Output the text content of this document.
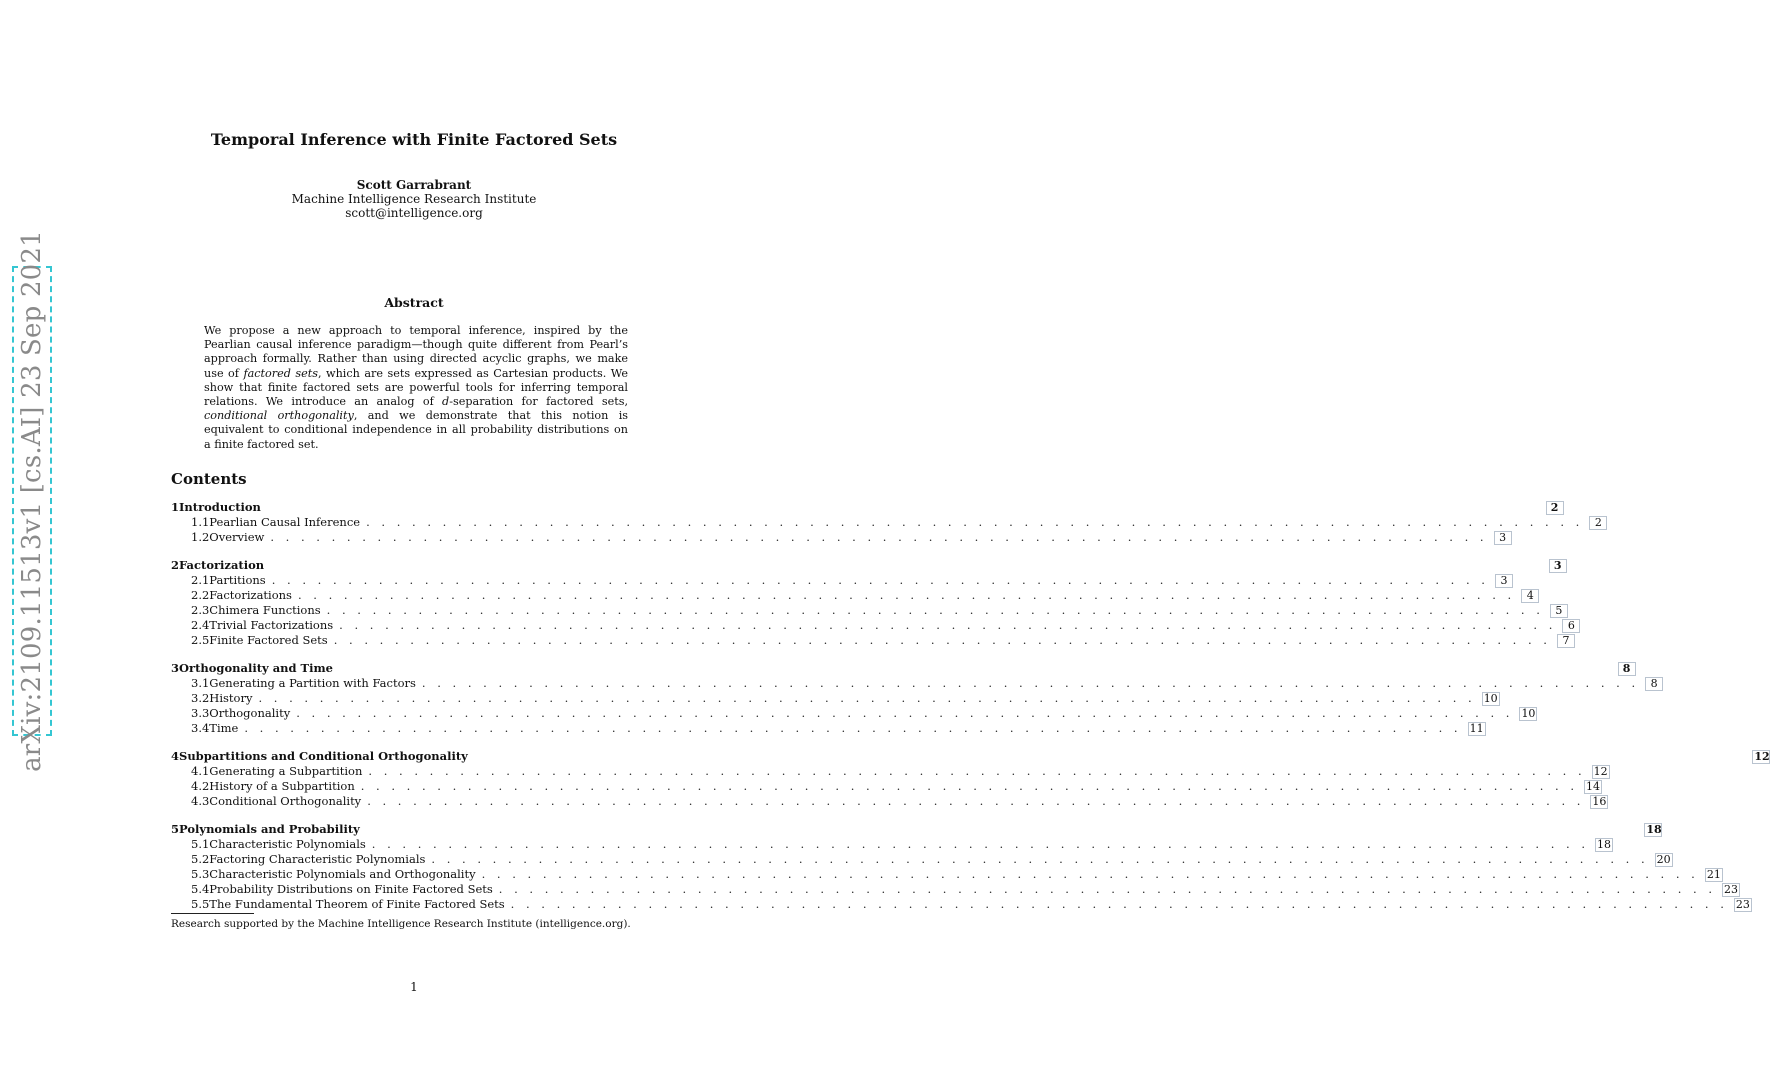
arXiv:2109.11513v1 [cs.AI] 23 Sep 2021
Temporal Inference with Finite Factored Sets
Scott Garrabrant
Machine Intelligence Research Institute
scott@intelligence.org
Abstract
We propose a new approach to temporal inference, inspired by the Pearlian causal inference paradigm—though quite different from Pearl’s approach formally. Rather than using directed acyclic graphs, we make use of factored sets, which are sets expressed as Cartesian products. We show that finite factored sets are powerful tools for inferring temporal relations. We introduce an analog of d-separation for factored sets, conditional orthogonality, and we demonstrate that this notion is equivalent to conditional independence in all probability distributions on a finite factored set.
Contents
1 Introduction	2
1.1 Pearlian Causal Inference . . . . . . . . . . . . . . . . . . . . . . . . . . . . . . . . . . . . . . . . . . . . . . . . . . . . . . . . . . . . . . . . . . . . . . . . . . . . . . . .	2
1.2 Overview . . . . . . . . . . . . . . . . . . . . . . . . . . . . . . . . . . . . . . . . . . . . . . . . . . . . . . . . . . . . . . . . . . . . . . . . . . . . . . . .	3
2 Factorization	3
2.1 Partitions . . . . . . . . . . . . . . . . . . . . . . . . . . . . . . . . . . . . . . . . . . . . . . . . . . . . . . . . . . . . . . . . . . . . . . . . . . . . . . . .	3
2.2 Factorizations . . . . . . . . . . . . . . . . . . . . . . . . . . . . . . . . . . . . . . . . . . . . . . . . . . . . . . . . . . . . . . . . . . . . . . . . . . . . . . . .	4
2.3 Chimera Functions . . . . . . . . . . . . . . . . . . . . . . . . . . . . . . . . . . . . . . . . . . . . . . . . . . . . . . . . . . . . . . . . . . . . . . . . . . . . . . . .	5
2.4 Trivial Factorizations . . . . . . . . . . . . . . . . . . . . . . . . . . . . . . . . . . . . . . . . . . . . . . . . . . . . . . . . . . . . . . . . . . . . . . . . . . . . . . . .	6
2.5 Finite Factored Sets . . . . . . . . . . . . . . . . . . . . . . . . . . . . . . . . . . . . . . . . . . . . . . . . . . . . . . . . . . . . . . . . . . . . . . . . . . . . . . . .	7
3 Orthogonality and Time	8
3.1 Generating a Partition with Factors . . . . . . . . . . . . . . . . . . . . . . . . . . . . . . . . . . . . . . . . . . . . . . . . . . . . . . . . . . . . . . . . . . . . . . . . . . . . . . . .	8
3.2 History . . . . . . . . . . . . . . . . . . . . . . . . . . . . . . . . . . . . . . . . . . . . . . . . . . . . . . . . . . . . . . . . . . . . . . . . . . . . . . . . 10
3.3 Orthogonality . . . . . . . . . . . . . . . . . . . . . . . . . . . . . . . . . . . . . . . . . . . . . . . . . . . . . . . . . . . . . . . . . . . . . . . . . . . . . . . . 10
3.4 Time . . . . . . . . . . . . . . . . . . . . . . . . . . . . . . . . . . . . . . . . . . . . . . . . . . . . . . . . . . . . . . . . . . . . . . . . . . . . . . . . 11
4 Subpartitions and Conditional Orthogonality	12
4.1 Generating a Subpartition . . . . . . . . . . . . . . . . . . . . . . . . . . . . . . . . . . . . . . . . . . . . . . . . . . . . . . . . . . . . . . . . . . . . . . . . . . . . . . . . 12
4.2 History of a Subpartition . . . . . . . . . . . . . . . . . . . . . . . . . . . . . . . . . . . . . . . . . . . . . . . . . . . . . . . . . . . . . . . . . . . . . . . . . . . . . . . . 14
4.3 Conditional Orthogonality . . . . . . . . . . . . . . . . . . . . . . . . . . . . . . . . . . . . . . . . . . . . . . . . . . . . . . . . . . . . . . . . . . . . . . . . . . . . . . . . 16
5 Polynomials and Probability	18
5.1 Characteristic Polynomials . . . . . . . . . . . . . . . . . . . . . . . . . . . . . . . . . . . . . . . . . . . . . . . . . . . . . . . . . . . . . . . . . . . . . . . . . . . . . . . . 18
5.2 Factoring Characteristic Polynomials . . . . . . . . . . . . . . . . . . . . . . . . . . . . . . . . . . . . . . . . . . . . . . . . . . . . . . . . . . . . . . . . . . . . . . . . . . . . . . . . 20
5.3 Characteristic Polynomials and Orthogonality . . . . . . . . . . . . . . . . . . . . . . . . . . . . . . . . . . . . . . . . . . . . . . . . . . . . . . . . . . . . . . . . . . . . . . . . . . . . . . . . 21
5.4 Probability Distributions on Finite Factored Sets . . . . . . . . . . . . . . . . . . . . . . . . . . . . . . . . . . . . . . . . . . . . . . . . . . . . . . . . . . . . . . . . . . . . . . . . . . . . . . . . 23
5.5 The Fundamental Theorem of Finite Factored Sets . . . . . . . . . . . . . . . . . . . . . . . . . . . . . . . . . . . . . . . . . . . . . . . . . . . . . . . . . . . . . . . . . . . . . . . . . . . . . . . . 23
Research supported by the Machine Intelligence Research Institute (intelligence.org).
1
